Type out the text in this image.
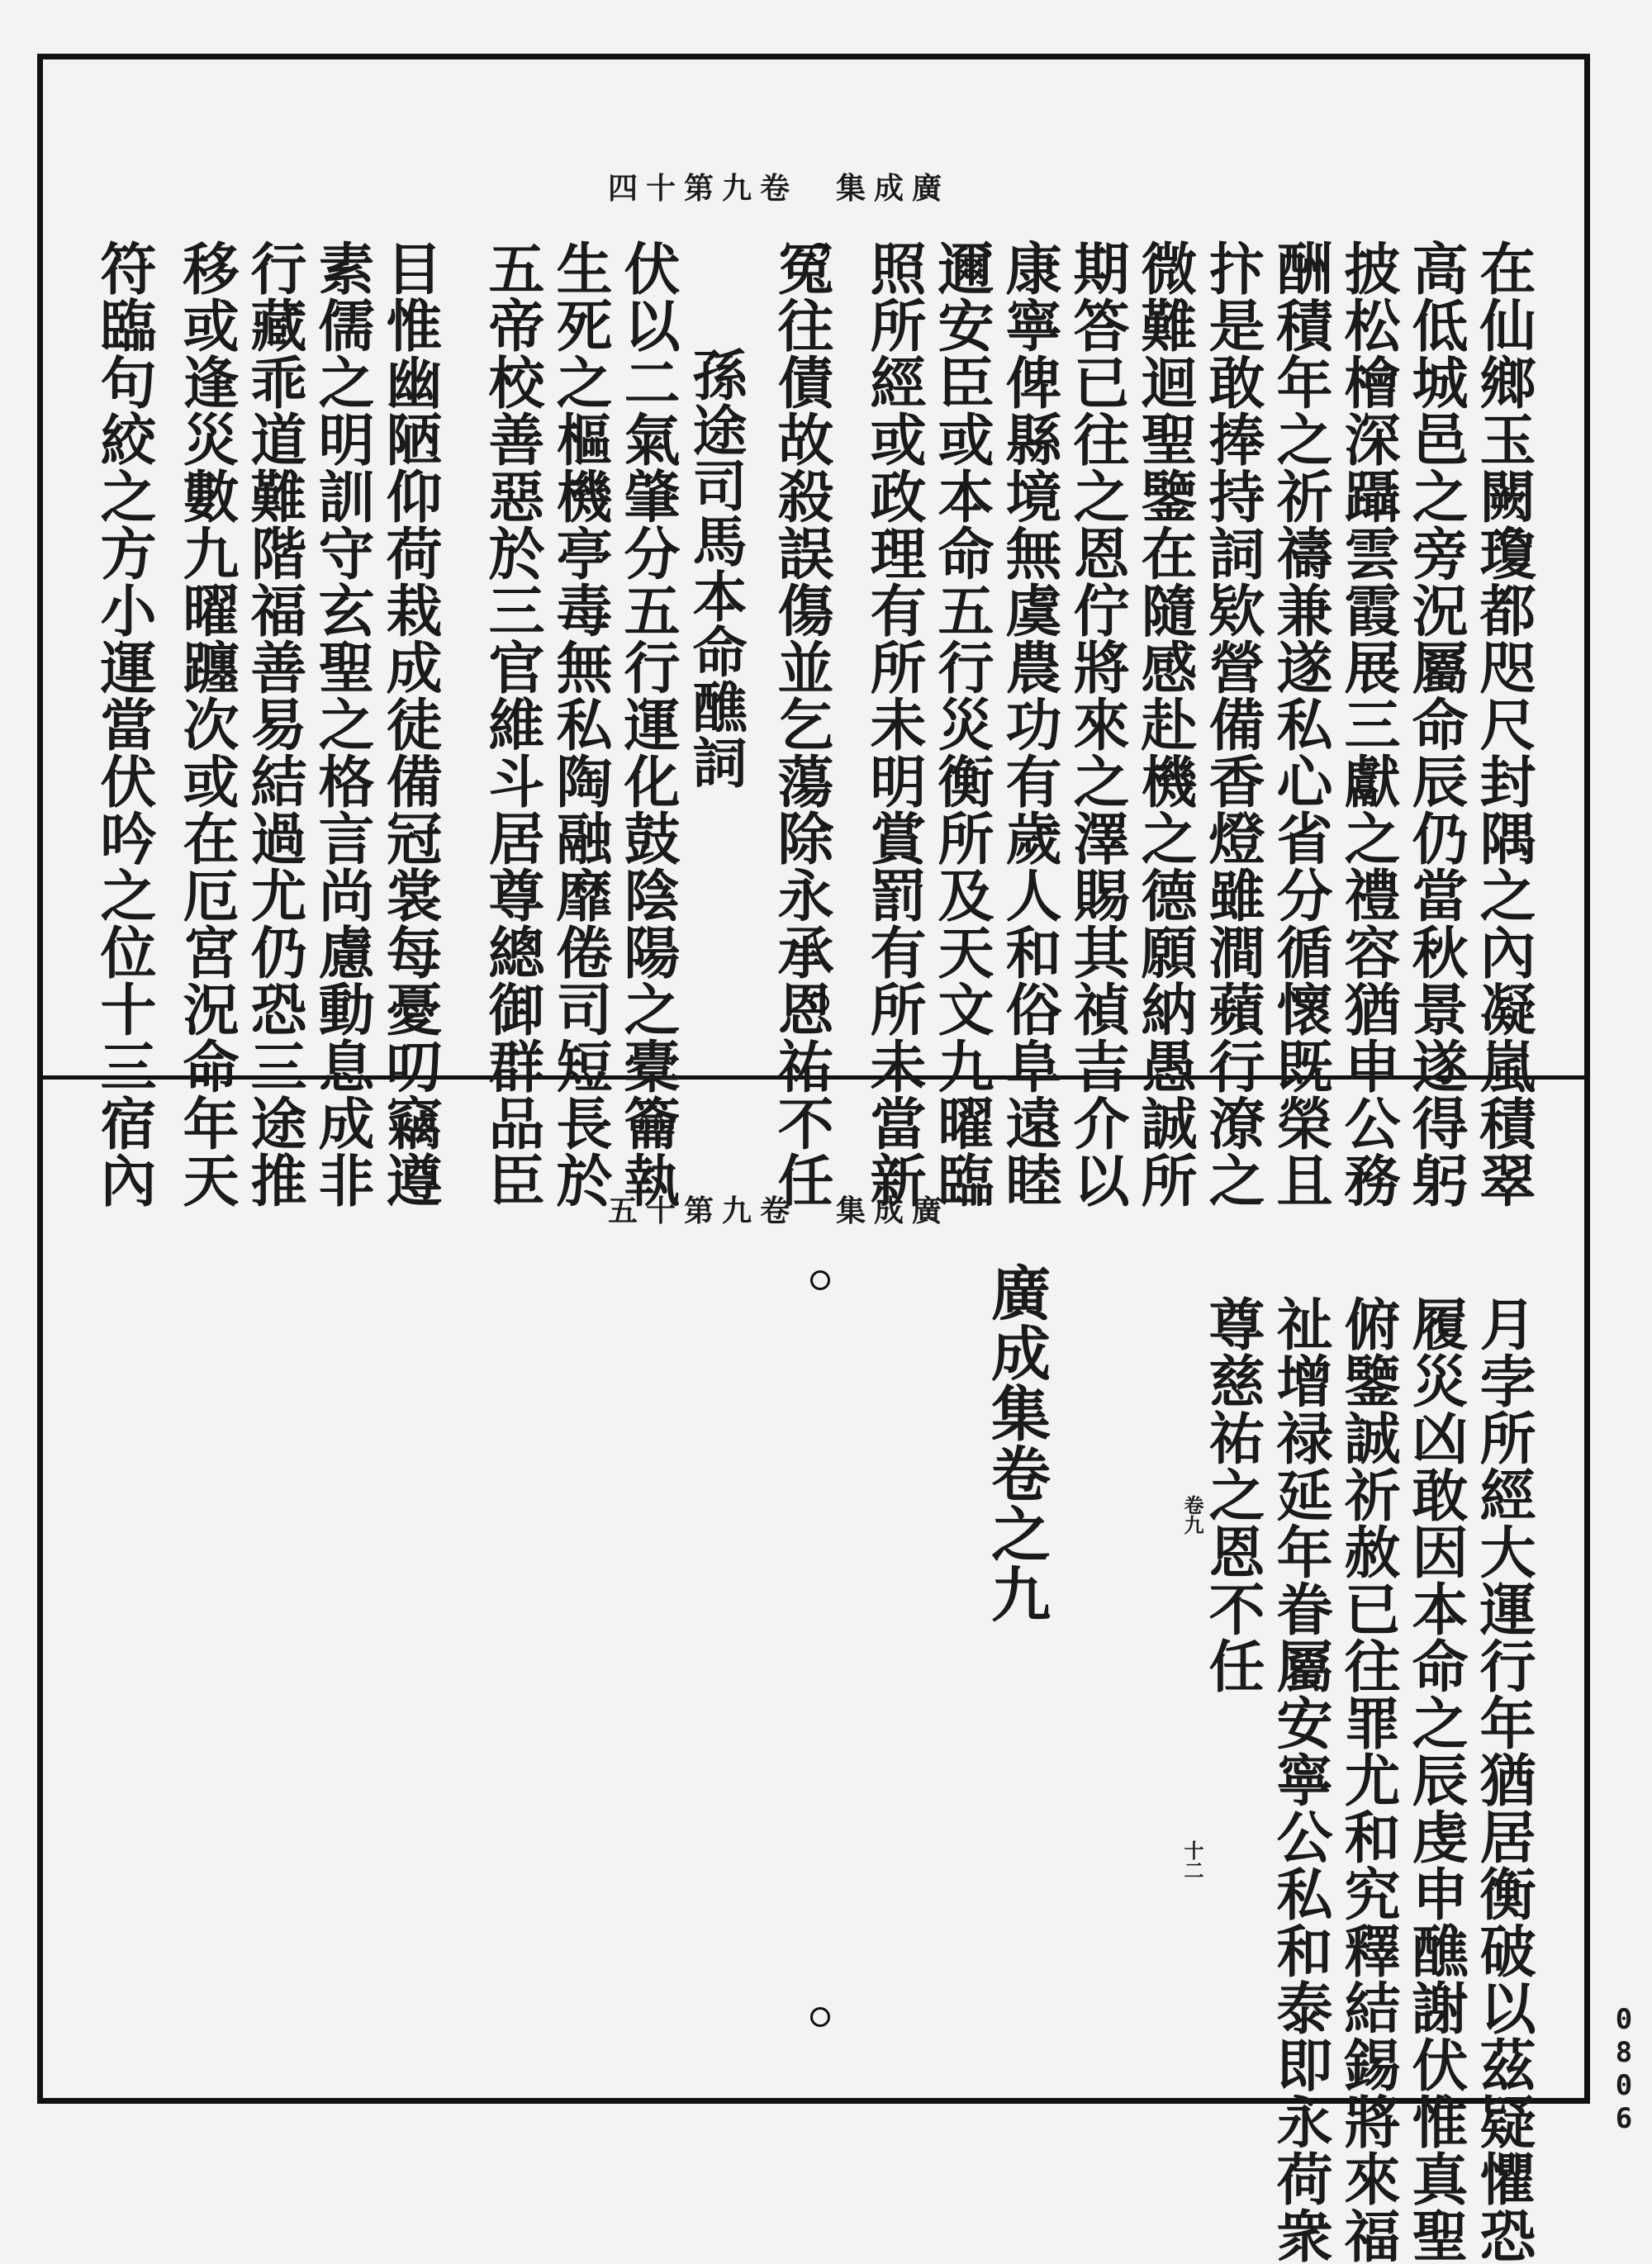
四十第九卷　集成廣
在仙鄉玉闕瓊都咫尺封隅之內凝嵐積翠
高低城邑之旁況屬命辰仍當秋景遂得躬
披松檜深躡雲霞展三獻之禮容猶申公務
酬積年之祈禱兼遂私心省分循懷既榮且
抃是敢捧持詞欵營備香燈雖澗蘋行潦之
微難迴聖鑒在隨感赴機之德願納愚誠所
期答已往之恩佇將來之澤賜其禎吉介以
康寧俾縣境無虞農功有歲人和俗阜遠睦
邇安臣或本命五行災衡所及天文九曜臨
照所經或政理有所未明賞罰有所未當新
冤往債故殺誤傷並乞蕩除永承恩祐不任
孫途司馬本命醮詞
伏以二氣肇分五行運化鼓陰陽之橐籥執
生死之樞機亭毒無私陶融靡倦司短長於
五帝校善惡於三官維斗居尊總御群品臣
目惟幽陋仰荷栽成徒備冠裳每憂叨竊遵
素儒之明訓守玄聖之格言尚慮動息成非
行藏乖道難階福善易結過尤仍恐三途推
移或逢災數九曜躔次或在厄宮況命年天
符臨句絞之方小運當伏吟之位十三宿內
五十第九卷　集成廣
月孛所經大運行年猶居衡破以茲疑懼恐
履災凶敢因本命之辰虔申醮謝伏惟真聖
俯鑒誠祈赦已往罪尤和究釋結錫將來福
祉增禄延年眷屬安寧公私和泰即永荷衆
尊慈祐之恩不任
卷九
十二
廣成集卷之九
0806
